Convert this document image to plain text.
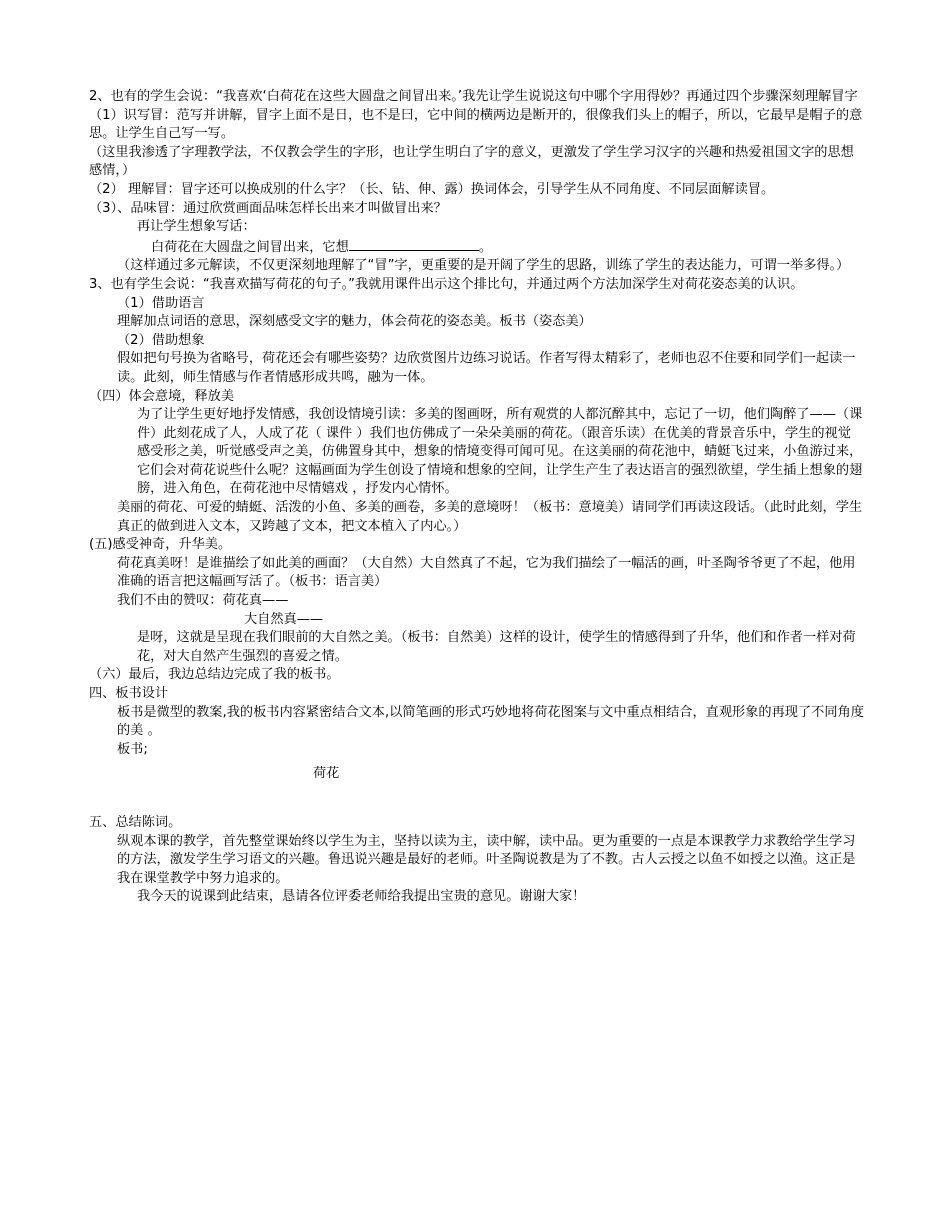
2、也有的学生会说：“我喜欢‘白荷花在这些大圆盘之间冒出来。’我先让学生说说这句中哪个字用得妙？再通过四个步骤深刻理解冒字

（1）识写冒：范写并讲解，冒字上面不是日，也不是曰，它中间的横两边是断开的，很像我们头上的帽子，所以，它最早是帽子的意思。让学生自己写一写。

（这里我渗透了字理教学法，不仅教会学生的字形，也让学生明白了字的意义，更激发了学生学习汉字的兴趣和热爱祖国文字的思想感情，）

（2） 理解冒：冒字还可以换成别的什么字？（长、钻、伸、露）换词体会，引导学生从不同角度、不同层面解读冒。

（3）、品味冒：通过欣赏画面品味怎样长出来才叫做冒出来？

再让学生想象写话：

白荷花在大圆盘之间冒出来，它想	。

（这样通过多元解读，不仅更深刻地理解了“冒”字，更重要的是开阔了学生的思路，训练了学生的表达能力，可谓一举多得。）

3、也有学生会说：“我喜欢描写荷花的句子。”我就用课件出示这个排比句，并通过两个方法加深学生对荷花姿态美的认识。

（1）借助语言

理解加点词语的意思，深刻感受文字的魅力，体会荷花的姿态美。板书（姿态美）

（2）借助想象

假如把句号换为省略号，荷花还会有哪些姿势？边欣赏图片边练习说话。作者写得太精彩了，老师也忍不住要和同学们一起读一读。此刻，师生情感与作者情感形成共鸣，融为一体。

（四）体会意境，释放美

为了让学生更好地抒发情感，我创设情境引读：多美的图画呀，所有观赏的人都沉醉其中，忘记了一切，他们陶醉了——（课件）此刻花成了人，人成了花（ 课件 ）我们也仿佛成了一朵朵美丽的荷花。（跟音乐读）在优美的背景音乐中，学生的视觉感受形之美，听觉感受声之美，仿佛置身其中，想象的情境变得可闻可见。在这美丽的荷花池中，蜻蜓飞过来，小鱼游过来，它们会对荷花说些什么呢？这幅画面为学生创设了情境和想象的空间，让学生产生了表达语言的强烈欲望，学生插上想象的翅膀，进入角色，在荷花池中尽情嬉戏 ，抒发内心情怀。

美丽的荷花、可爱的蜻蜓、活泼的小鱼、多美的画卷，多美的意境呀！（板书：意境美）请同学们再读这段话。（此时此刻，学生真正的做到进入文本，又跨越了文本，把文本植入了内心。）

(五)感受神奇，升华美。

荷花真美呀！是谁描绘了如此美的画面？（大自然）大自然真了不起，它为我们描绘了一幅活的画，叶圣陶爷爷更了不起，他用准确的语言把这幅画写活了。（板书：语言美）

我们不由的赞叹：荷花真——

大自然真——

是呀，这就是呈现在我们眼前的大自然之美。（板书：自然美）这样的设计，使学生的情感得到了升华，他们和作者一样对荷花，对大自然产生强烈的喜爱之情。

（六）最后，我边总结边完成了我的板书。

四、板书设计

板书是微型的教案,我的板书内容紧密结合文本,以简笔画的形式巧妙地将荷花图案与文中重点相结合，直观形象的再现了不同角度的美 。

板书;

荷花

五、总结陈词。

纵观本课的教学，首先整堂课始终以学生为主，坚持以读为主，读中解，读中品。更为重要的一点是本课教学力求教给学生学习的方法，激发学生学习语文的兴趣。鲁迅说兴趣是最好的老师。叶圣陶说教是为了不教。古人云授之以鱼不如授之以渔。这正是我在课堂教学中努力追求的。

我今天的说课到此结束，恳请各位评委老师给我提出宝贵的意见。谢谢大家！
